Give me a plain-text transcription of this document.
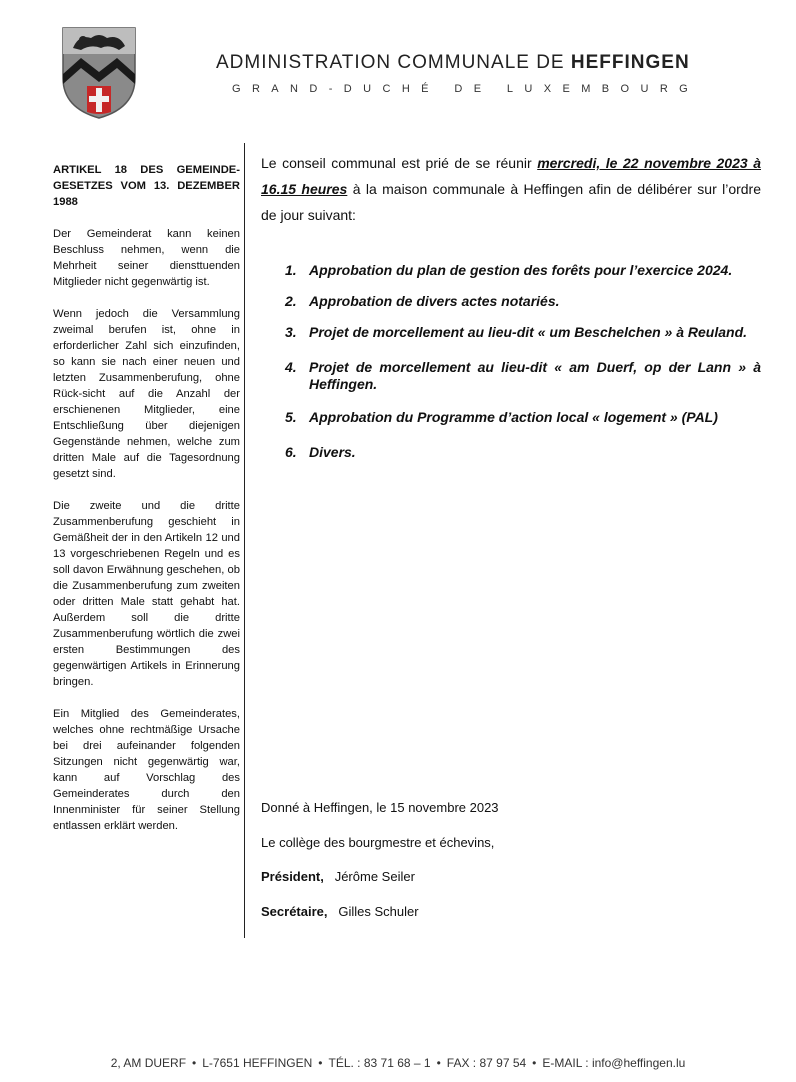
ADMINISTRATION COMMUNALE DE HEFFINGEN
GRAND-DUCHÉ DE LUXEMBOURG

ARTIKEL 18 DES GEMEINDE-GESETZES VOM 13. DEZEMBER 1988

Der Gemeinderat kann keinen Beschluss nehmen, wenn die Mehrheit seiner diensttuenden Mitglieder nicht gegenwärtig ist.

Wenn jedoch die Versammlung zweimal berufen ist, ohne in erforderlicher Zahl sich einzufinden, so kann sie nach einer neuen und letzten Zusammenberufung, ohne Rück-sicht auf die Anzahl der erschienenen Mitglieder, eine Entschließung über diejenigen Gegenstände nehmen, welche zum dritten Male auf die Tagesordnung gesetzt sind.

Die zweite und die dritte Zusammenberufung geschieht in Gemäßheit der in den Artikeln 12 und 13 vorgeschriebenen Regeln und es soll davon Erwähnung geschehen, ob die Zusammenberufung zum zweiten oder dritten Male statt gehabt hat. Außerdem soll die dritte Zusammenberufung wörtlich die zwei ersten Bestimmungen des gegenwärtigen Artikels in Erinnerung bringen.

Ein Mitglied des Gemeinderates, welches ohne rechtmäßige Ursache bei drei aufeinander folgenden Sitzungen nicht gegenwärtig war, kann auf Vorschlag des Gemeinderates durch den Innenminister für seiner Stellung entlassen erklärt werden.

Le conseil communal est prié de se réunir mercredi, le 22 novembre 2023 à 16.15 heures à la maison communale à Heffingen afin de délibérer sur l’ordre de jour suivant:

1. Approbation du plan de gestion des forêts pour l’exercice 2024.
2. Approbation de divers actes notariés.
3. Projet de morcellement au lieu-dit « um Beschelchen » à Reuland.
4. Projet de morcellement au lieu-dit « am Duerf, op der Lann » à Heffingen.
5. Approbation du Programme d’action local « logement » (PAL)
6. Divers.
Donné à Heffingen, le 15 novembre 2023
Le collège des bourgmestre et échevins,
Président, Jérôme Seiler
Secrétaire, Gilles Schuler
2, AM DUERF • L-7651 HEFFINGEN • TÉL. : 83 71 68 – 1 • FAX : 87 97 54 • E-MAIL : info@heffingen.lu
